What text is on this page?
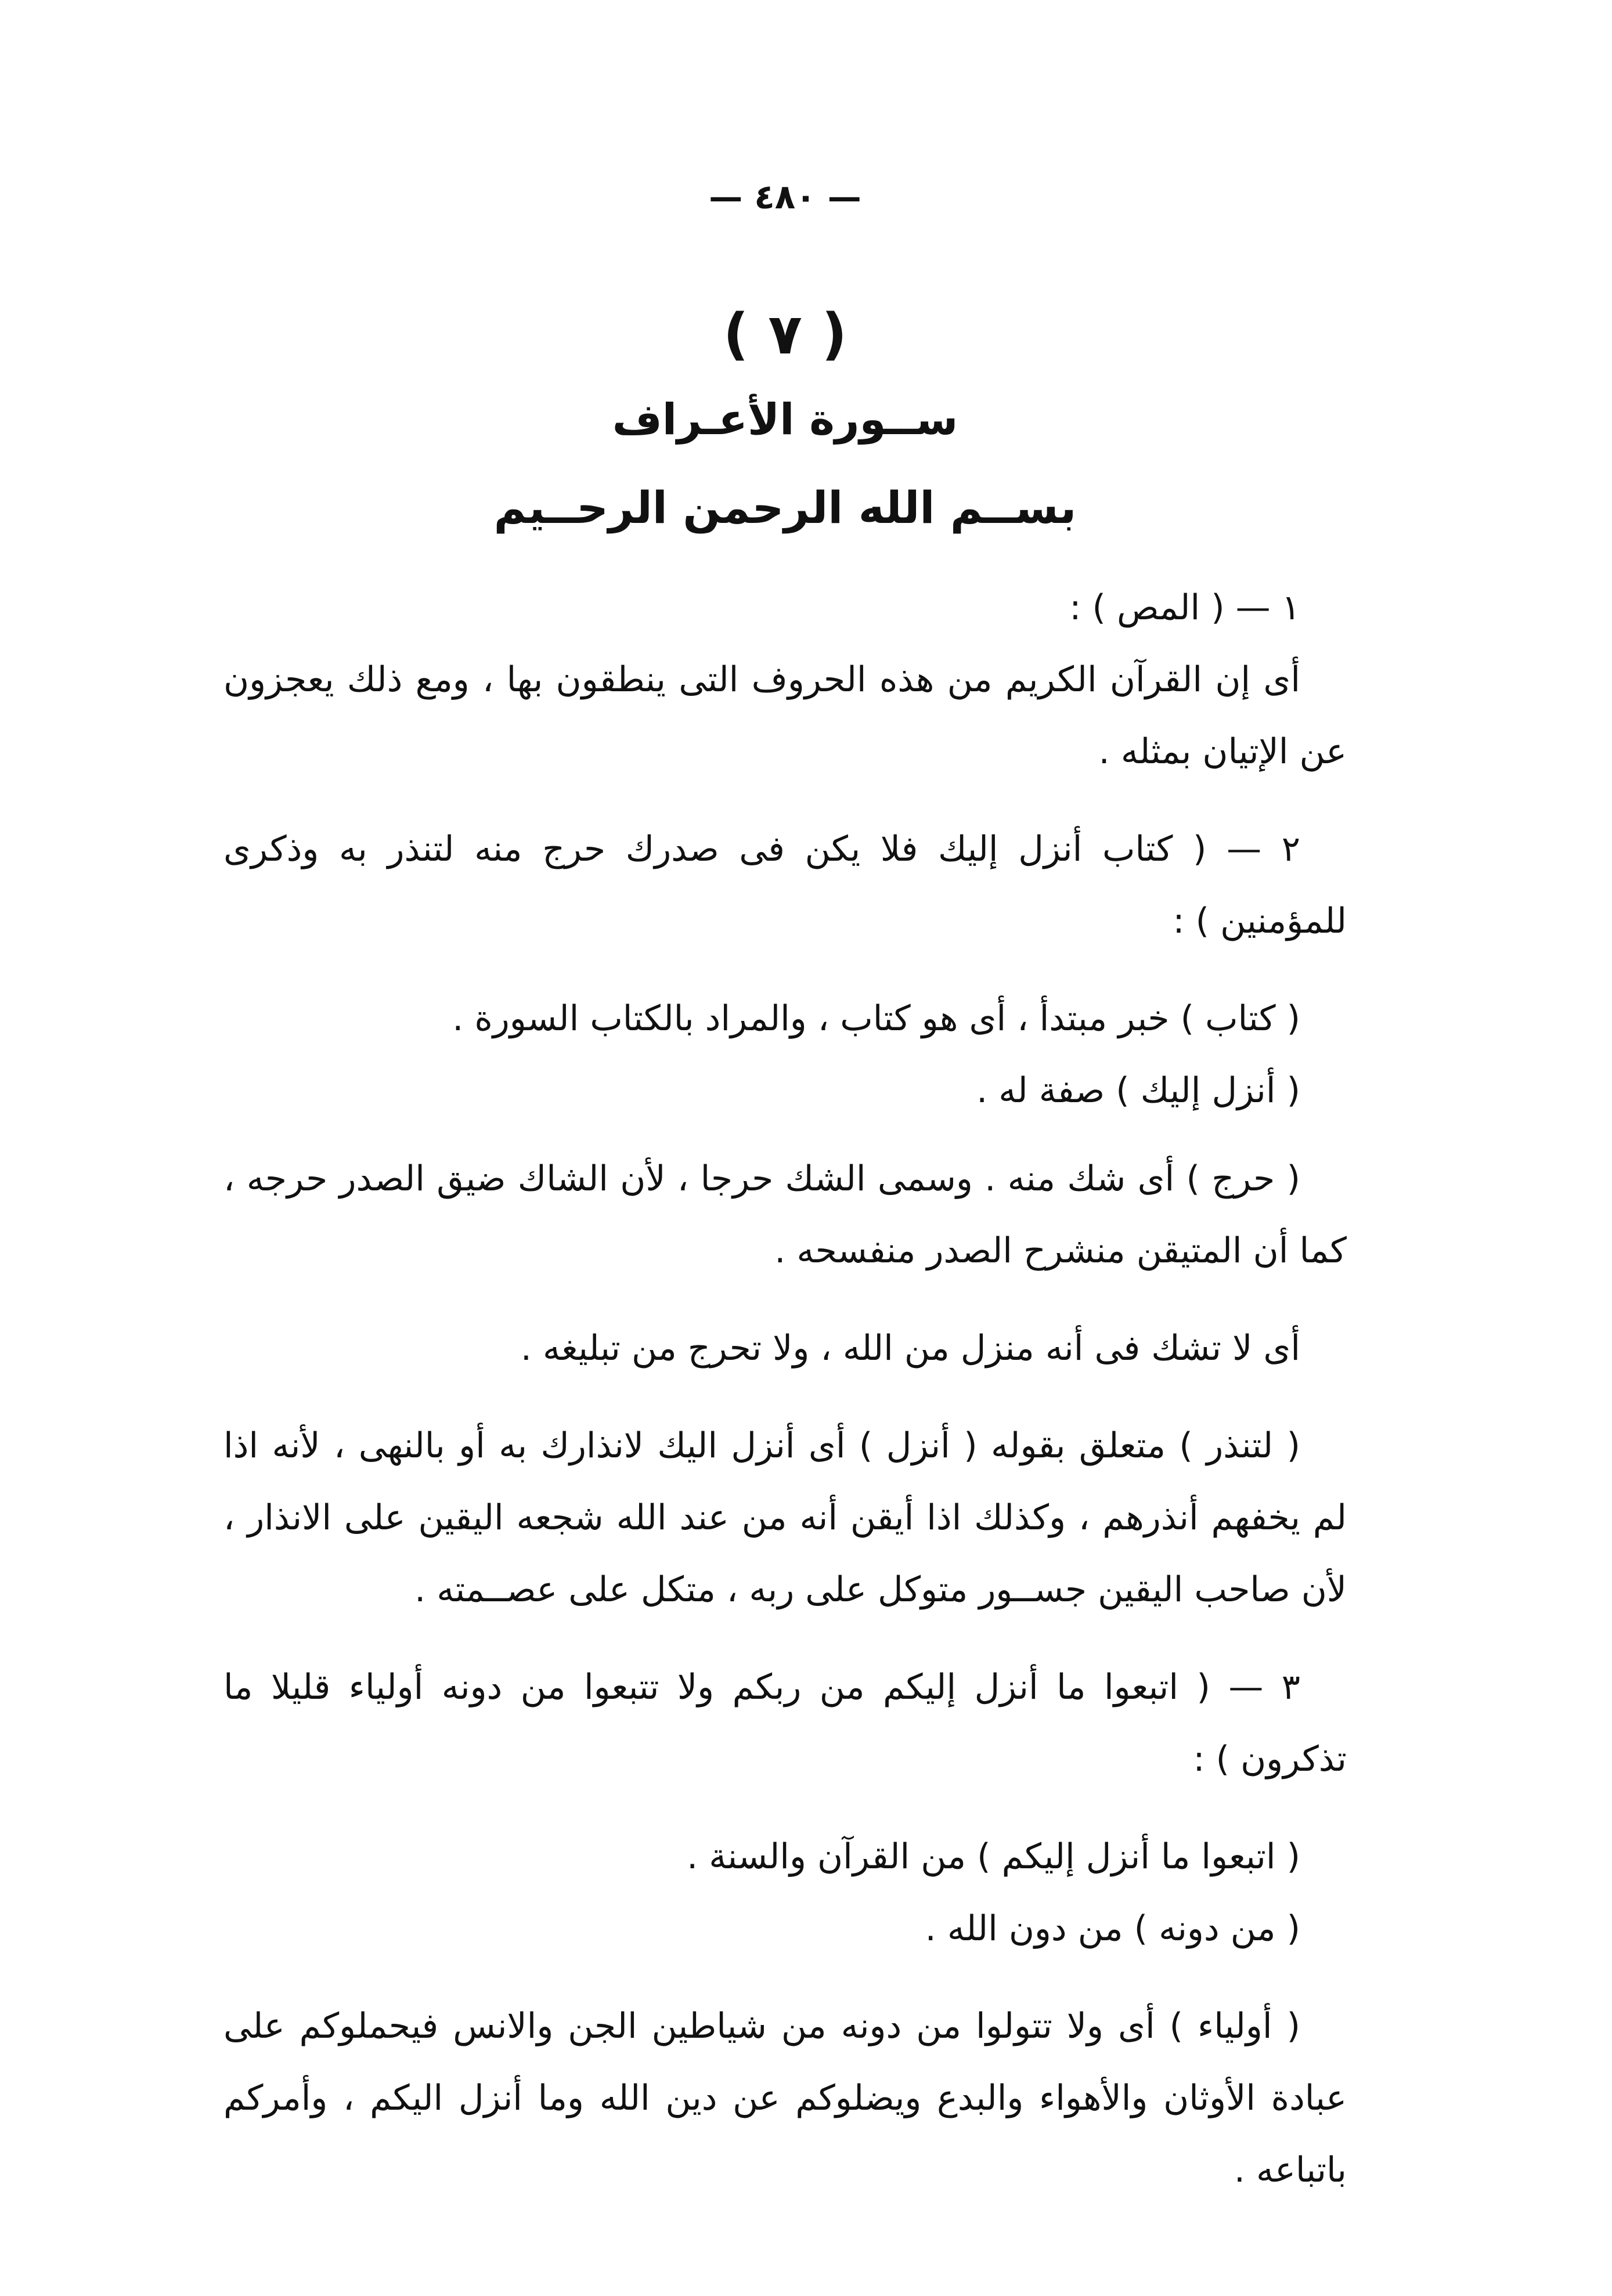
— ٤٨٠ —
( ٧ )
ســورة الأعـراف
بســم الله الرحمن الرحــيم

١ — ( المص ) :

أى إن القرآن الكريم من هذه الحروف التى ينطقون بها ، ومع ذلك يعجزون عن الإتيان بمثله .

٢ — ( كتاب أنزل إليك فلا يكن فى صدرك حرج منه لتنذر به وذكرى للمؤمنين ) :

( كتاب ) خبر مبتدأ ، أى هو كتاب ، والمراد بالكتاب السورة .

( أنزل إليك ) صفة له .

( حرج ) أى شك منه . وسمى الشك حرجا ، لأن الشاك ضيق الصدر حرجه ، كما أن المتيقن منشرح الصدر منفسحه .

أى لا تشك فى أنه منزل من الله ، ولا تحرج من تبليغه .

( لتنذر ) متعلق بقوله ( أنزل ) أى أنزل اليك لانذارك به أو بالنهى ، لأنه اذا لم يخفهم أنذرهم ، وكذلك اذا أيقن أنه من عند الله شجعه اليقين على الانذار ، لأن صاحب اليقين جســور متوكل على ربه ، متكل على عصــمته .

٣ — ( اتبعوا ما أنزل إليكم من ربكم ولا تتبعوا من دونه أولياء قليلا ما تذكرون ) :

( اتبعوا ما أنزل إليكم ) من القرآن والسنة .

( من دونه ) من دون الله .

( أولياء ) أى ولا تتولوا من دونه من شياطين الجن والانس فيحملوكم على عبادة الأوثان والأهواء والبدع ويضلوكم عن دين الله وما أنزل اليكم ، وأمركم باتباعه .
